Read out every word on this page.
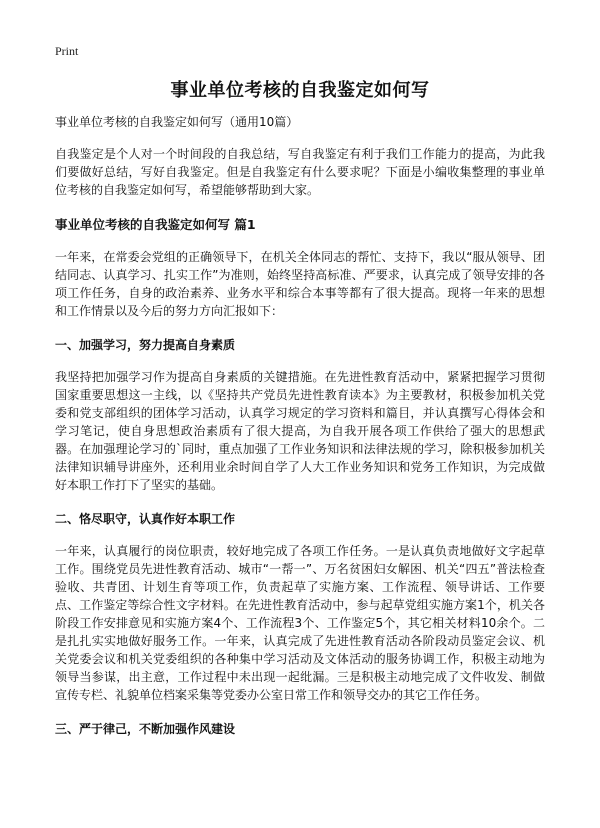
Print
事业单位考核的自我鉴定如何写
事业单位考核的自我鉴定如何写（通用10篇）

自我鉴定是个人对一个时间段的自我总结，写自我鉴定有利于我们工作能力的提高，为此我们要做好总结，写好自我鉴定。但是自我鉴定有什么要求呢？下面是小编收集整理的事业单位考核的自我鉴定如何写，希望能够帮助到大家。

事业单位考核的自我鉴定如何写 篇1

一年来，在常委会党组的正确领导下，在机关全体同志的帮忙、支持下，我以“服从领导、团结同志、认真学习、扎实工作”为准则，始终坚持高标准、严要求，认真完成了领导安排的各项工作任务，自身的政治素养、业务水平和综合本事等都有了很大提高。现将一年来的思想和工作情景以及今后的努力方向汇报如下：

一、加强学习，努力提高自身素质

我坚持把加强学习作为提高自身素质的关键措施。在先进性教育活动中，紧紧把握学习贯彻国家重要思想这一主线，以《坚持共产党员先进性教育读本》为主要教材，积极参加机关党委和党支部组织的团体学习活动，认真学习规定的学习资料和篇目，并认真撰写心得体会和学习笔记，使自身思想政治素质有了很大提高，为自我开展各项工作供给了强大的思想武器。在加强理论学习的`同时，重点加强了工作业务知识和法律法规的学习，除积极参加机关法律知识辅导讲座外，还利用业余时间自学了人大工作业务知识和党务工作知识，为完成做好本职工作打下了坚实的基础。

二、恪尽职守，认真作好本职工作

一年来，认真履行的岗位职责，较好地完成了各项工作任务。一是认真负责地做好文字起草工作。围绕党员先进性教育活动、城市“一帮一”、万名贫困妇女解困、机关“四五”普法检查验收、共青团、计划生育等项工作，负责起草了实施方案、工作流程、领导讲话、工作要点、工作鉴定等综合性文字材料。在先进性教育活动中，参与起草党组实施方案1个，机关各阶段工作安排意见和实施方案4个、工作流程3个、工作鉴定5个，其它相关材料10余个。二是扎扎实实地做好服务工作。一年来，认真完成了先进性教育活动各阶段动员鉴定会议、机关党委会议和机关党委组织的各种集中学习活动及文体活动的服务协调工作，积极主动地为领导当参谋，出主意，工作过程中未出现一起纰漏。三是积极主动地完成了文件收发、制做宣传专栏、礼貌单位档案采集等党委办公室日常工作和领导交办的其它工作任务。

三、严于律己，不断加强作风建设
